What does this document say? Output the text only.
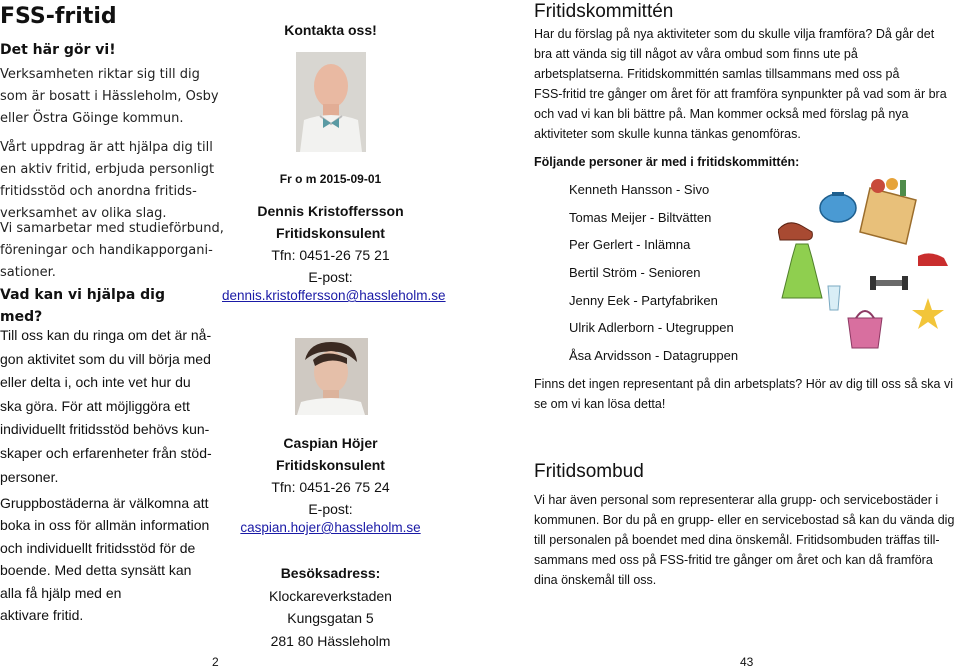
FSS-fritid
Det här gör vi!
Verksamheten riktar sig till dig
som är bosatt i Hässleholm, Osby
eller Östra Göinge kommun.
Vårt uppdrag är att hjälpa dig till
en aktiv fritid, erbjuda personligt
fritidsstöd och anordna fritids-
verksamhet av olika slag.
Vi samarbetar med studieförbund,
föreningar och handikapporgani-
sationer.
Vad kan vi hjälpa dig
med?
Till oss kan du ringa om det är nå-
gon aktivitet som du vill börja med
eller delta i, och inte vet hur du
ska göra. För att möjliggöra ett
individuellt fritidsstöd behövs kun-
skaper och erfarenheter från stöd-
personer.
Gruppbostäderna är välkomna att
boka in oss för allmän information
och individuellt fritidsstöd för de
boende. Med detta synsätt kan
alla få hjälp med en
aktivare fritid.
2
Kontakta oss!
Fr o m 2015-09-01
Dennis Kristoffersson
Fritidskonsulent
Tfn: 0451-26 75 21
E-post:
dennis.kristoffersson@hassleholm.se
Caspian Höjer
Fritidskonsulent
Tfn: 0451-26 75 24
E-post:
caspian.hojer@hassleholm.se
Besöksadress:
Klockareverkstaden
Kungsgatan 5
281 80 Hässleholm
Fritidskommittén
Har du förslag på nya aktiviteter som du skulle vilja framföra? Då går det
bra att vända sig till något av våra ombud som finns ute på
arbetsplatserna. Fritidskommittén samlas tillsammans med oss på
FSS-fritid tre gånger om året för att framföra synpunkter på vad som är bra
och vad vi kan bli bättre på. Man kommer också med förslag på nya
aktiviteter som skulle kunna tänkas genomföras.
Följande personer är med i fritidskommittén:
Kenneth Hansson - Sivo
Tomas Meijer - Biltvätten
Per Gerlert - Inlämna
Bertil Ström - Senioren
Jenny Eek - Partyfabriken
Ulrik Adlerborn - Utegruppen
Åsa Arvidsson - Datagruppen
Finns det ingen representant på din arbetsplats? Hör av dig till oss så ska vi
se om vi kan lösa detta!
Fritidsombud
Vi har även personal som representerar alla grupp- och servicebostäder i
kommunen. Bor du på en grupp- eller en servicebostad så kan du vända dig
till personalen på boendet med dina önskemål. Fritidsombuden träffas till-
sammans med oss på FSS-fritid tre gånger om året och kan då framföra
dina önskemål till oss.
43
